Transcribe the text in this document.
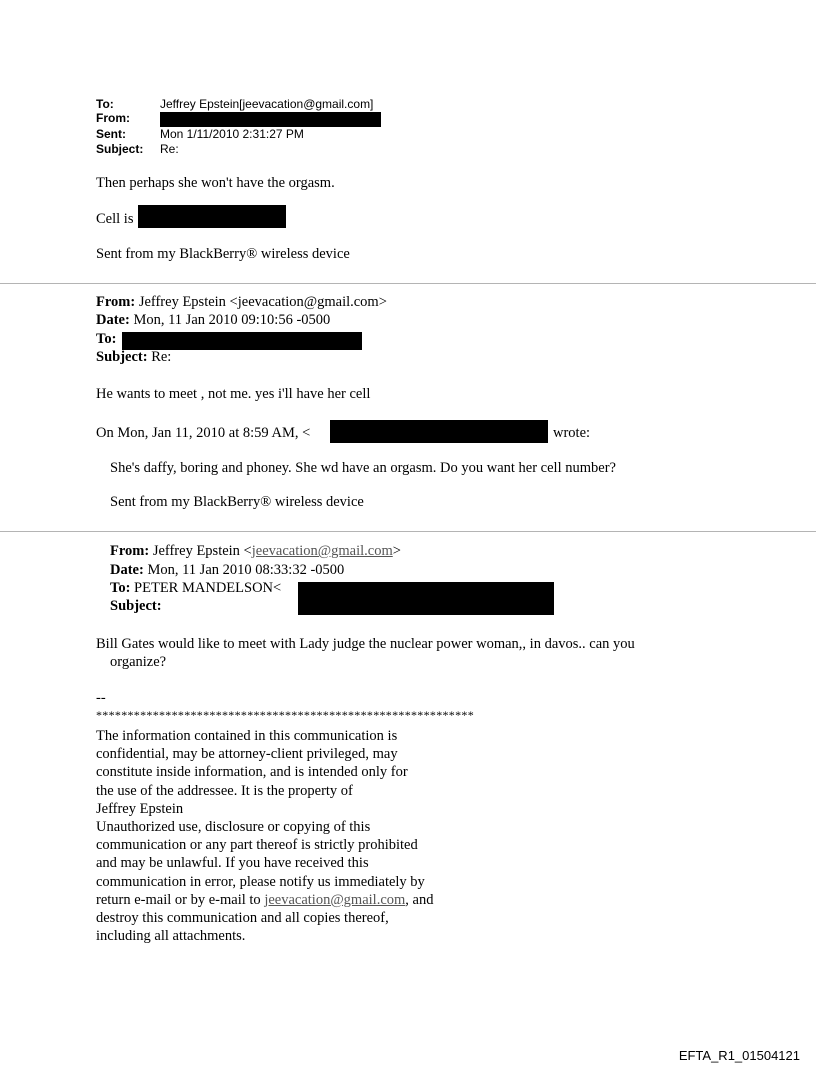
To:	Jeffrey Epstein[jeevacation@gmail.com]
From:
Sent:	Mon 1/11/2010 2:31:27 PM
Subject: Re:
Then perhaps she won't have the orgasm.
Cell is
Sent from my BlackBerry® wireless device
From: Jeffrey Epstein <jeevacation@gmail.com>
Date: Mon, 11 Jan 2010 09:10:56 -0500
To:
Subject: Re:
He wants to meet , not me. yes i'll have her cell
On Mon, Jan 11, 2010 at 8:59 AM, <	wrote:
She's daffy, boring and phoney. She wd have an orgasm. Do you want her cell number?
Sent from my BlackBerry® wireless device
From: Jeffrey Epstein <jeevacation@gmail.com>
Date: Mon, 11 Jan 2010 08:33:32 -0500
To: PETER MANDELSON<
Subject:
Bill Gates would like to meet with Lady judge the nuclear power woman,, in davos.. can you
organize?
--
************************************************************
The information contained in this communication is
confidential, may be attorney-client privileged, may
constitute inside information, and is intended only for
the use of the addressee. It is the property of
Jeffrey Epstein
Unauthorized use, disclosure or copying of this
communication or any part thereof is strictly prohibited
and may be unlawful. If you have received this
communication in error, please notify us immediately by
return e-mail or by e-mail to jeevacation@gmail.com, and
destroy this communication and all copies thereof,
including all attachments.
EFTA_R1_01504121
